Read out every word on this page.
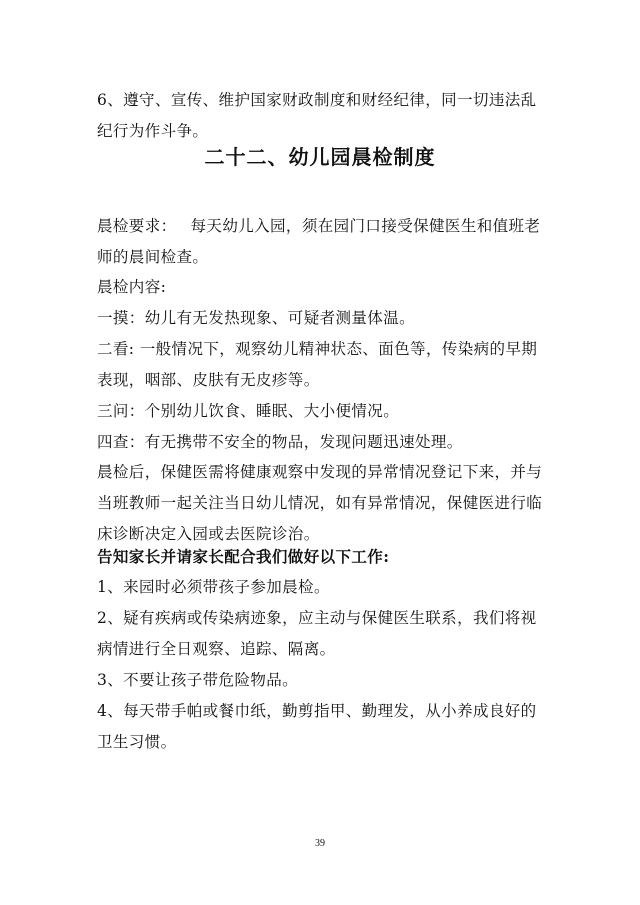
6、遵守、宣传、维护国家财政制度和财经纪律，同一切违法乱纪行为作斗争。

二十二、幼儿园晨检制度

晨检要求： 每天幼儿入园，须在园门口接受保健医生和值班老师的晨间检查。

晨检内容:

一摸：幼儿有无发热现象、可疑者测量体温。

二看: 一般情况下，观察幼儿精神状态、面色等，传染病的早期表现，咽部、皮肤有无皮疹等。

三问：个别幼儿饮食、睡眠、大小便情况。

四查：有无携带不安全的物品，发现问题迅速处理。

晨检后，保健医需将健康观察中发现的异常情况登记下来，并与当班教师一起关注当日幼儿情况，如有异常情况，保健医进行临床诊断决定入园或去医院诊治。

告知家长并请家长配合我们做好以下工作:

1、来园时必须带孩子参加晨检。

2、疑有疾病或传染病迹象，应主动与保健医生联系，我们将视病情进行全日观察、追踪、隔离。

3、不要让孩子带危险物品。

4、每天带手帕或餐巾纸，勤剪指甲、勤理发，从小养成良好的卫生习惯。

39
